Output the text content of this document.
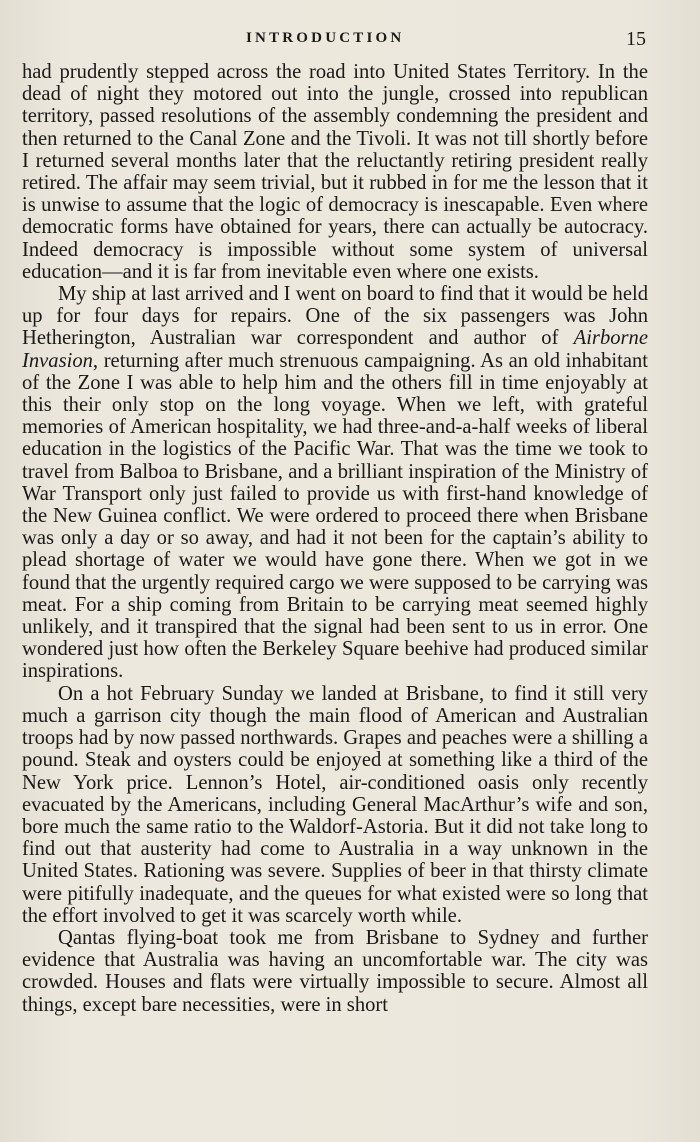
INTRODUCTION	15

had prudently stepped across the road into United States Territory. In the dead of night they motored out into the jungle, crossed into republican territory, passed resolutions of the assembly condemning the president and then returned to the Canal Zone and the Tivoli. It was not till shortly before I returned several months later that the reluctantly retiring president really retired. The affair may seem trivial, but it rubbed in for me the lesson that it is unwise to assume that the logic of democracy is inescapable. Even where democratic forms have obtained for years, there can actually be autocracy. Indeed democracy is impossible without some system of universal education—and it is far from inevitable even where one exists.

My ship at last arrived and I went on board to find that it would be held up for four days for repairs. One of the six passengers was John Hetherington, Australian war correspondent and author of Airborne Invasion, returning after much strenuous campaigning. As an old inhabitant of the Zone I was able to help him and the others fill in time enjoyably at this their only stop on the long voyage. When we left, with grateful memories of American hospitality, we had three-and-a-half weeks of liberal education in the logistics of the Pacific War. That was the time we took to travel from Balboa to Brisbane, and a brilliant inspiration of the Ministry of War Transport only just failed to provide us with first-hand knowledge of the New Guinea conflict. We were ordered to proceed there when Brisbane was only a day or so away, and had it not been for the captain’s ability to plead shortage of water we would have gone there. When we got in we found that the urgently required cargo we were supposed to be carrying was meat. For a ship coming from Britain to be carrying meat seemed highly unlikely, and it transpired that the signal had been sent to us in error. One wondered just how often the Berkeley Square beehive had produced similar inspirations.

On a hot February Sunday we landed at Brisbane, to find it still very much a garrison city though the main flood of American and Australian troops had by now passed northwards. Grapes and peaches were a shilling a pound. Steak and oysters could be enjoyed at something like a third of the New York price. Lennon’s Hotel, air-conditioned oasis only recently evacuated by the Americans, including General MacArthur’s wife and son, bore much the same ratio to the Waldorf-Astoria. But it did not take long to find out that austerity had come to Australia in a way unknown in the United States. Rationing was severe. Supplies of beer in that thirsty climate were pitifully inadequate, and the queues for what existed were so long that the effort involved to get it was scarcely worth while.

Qantas flying-boat took me from Brisbane to Sydney and further evidence that Australia was having an uncomfortable war. The city was crowded. Houses and flats were virtually impossible to secure. Almost all things, except bare necessities, were in short
